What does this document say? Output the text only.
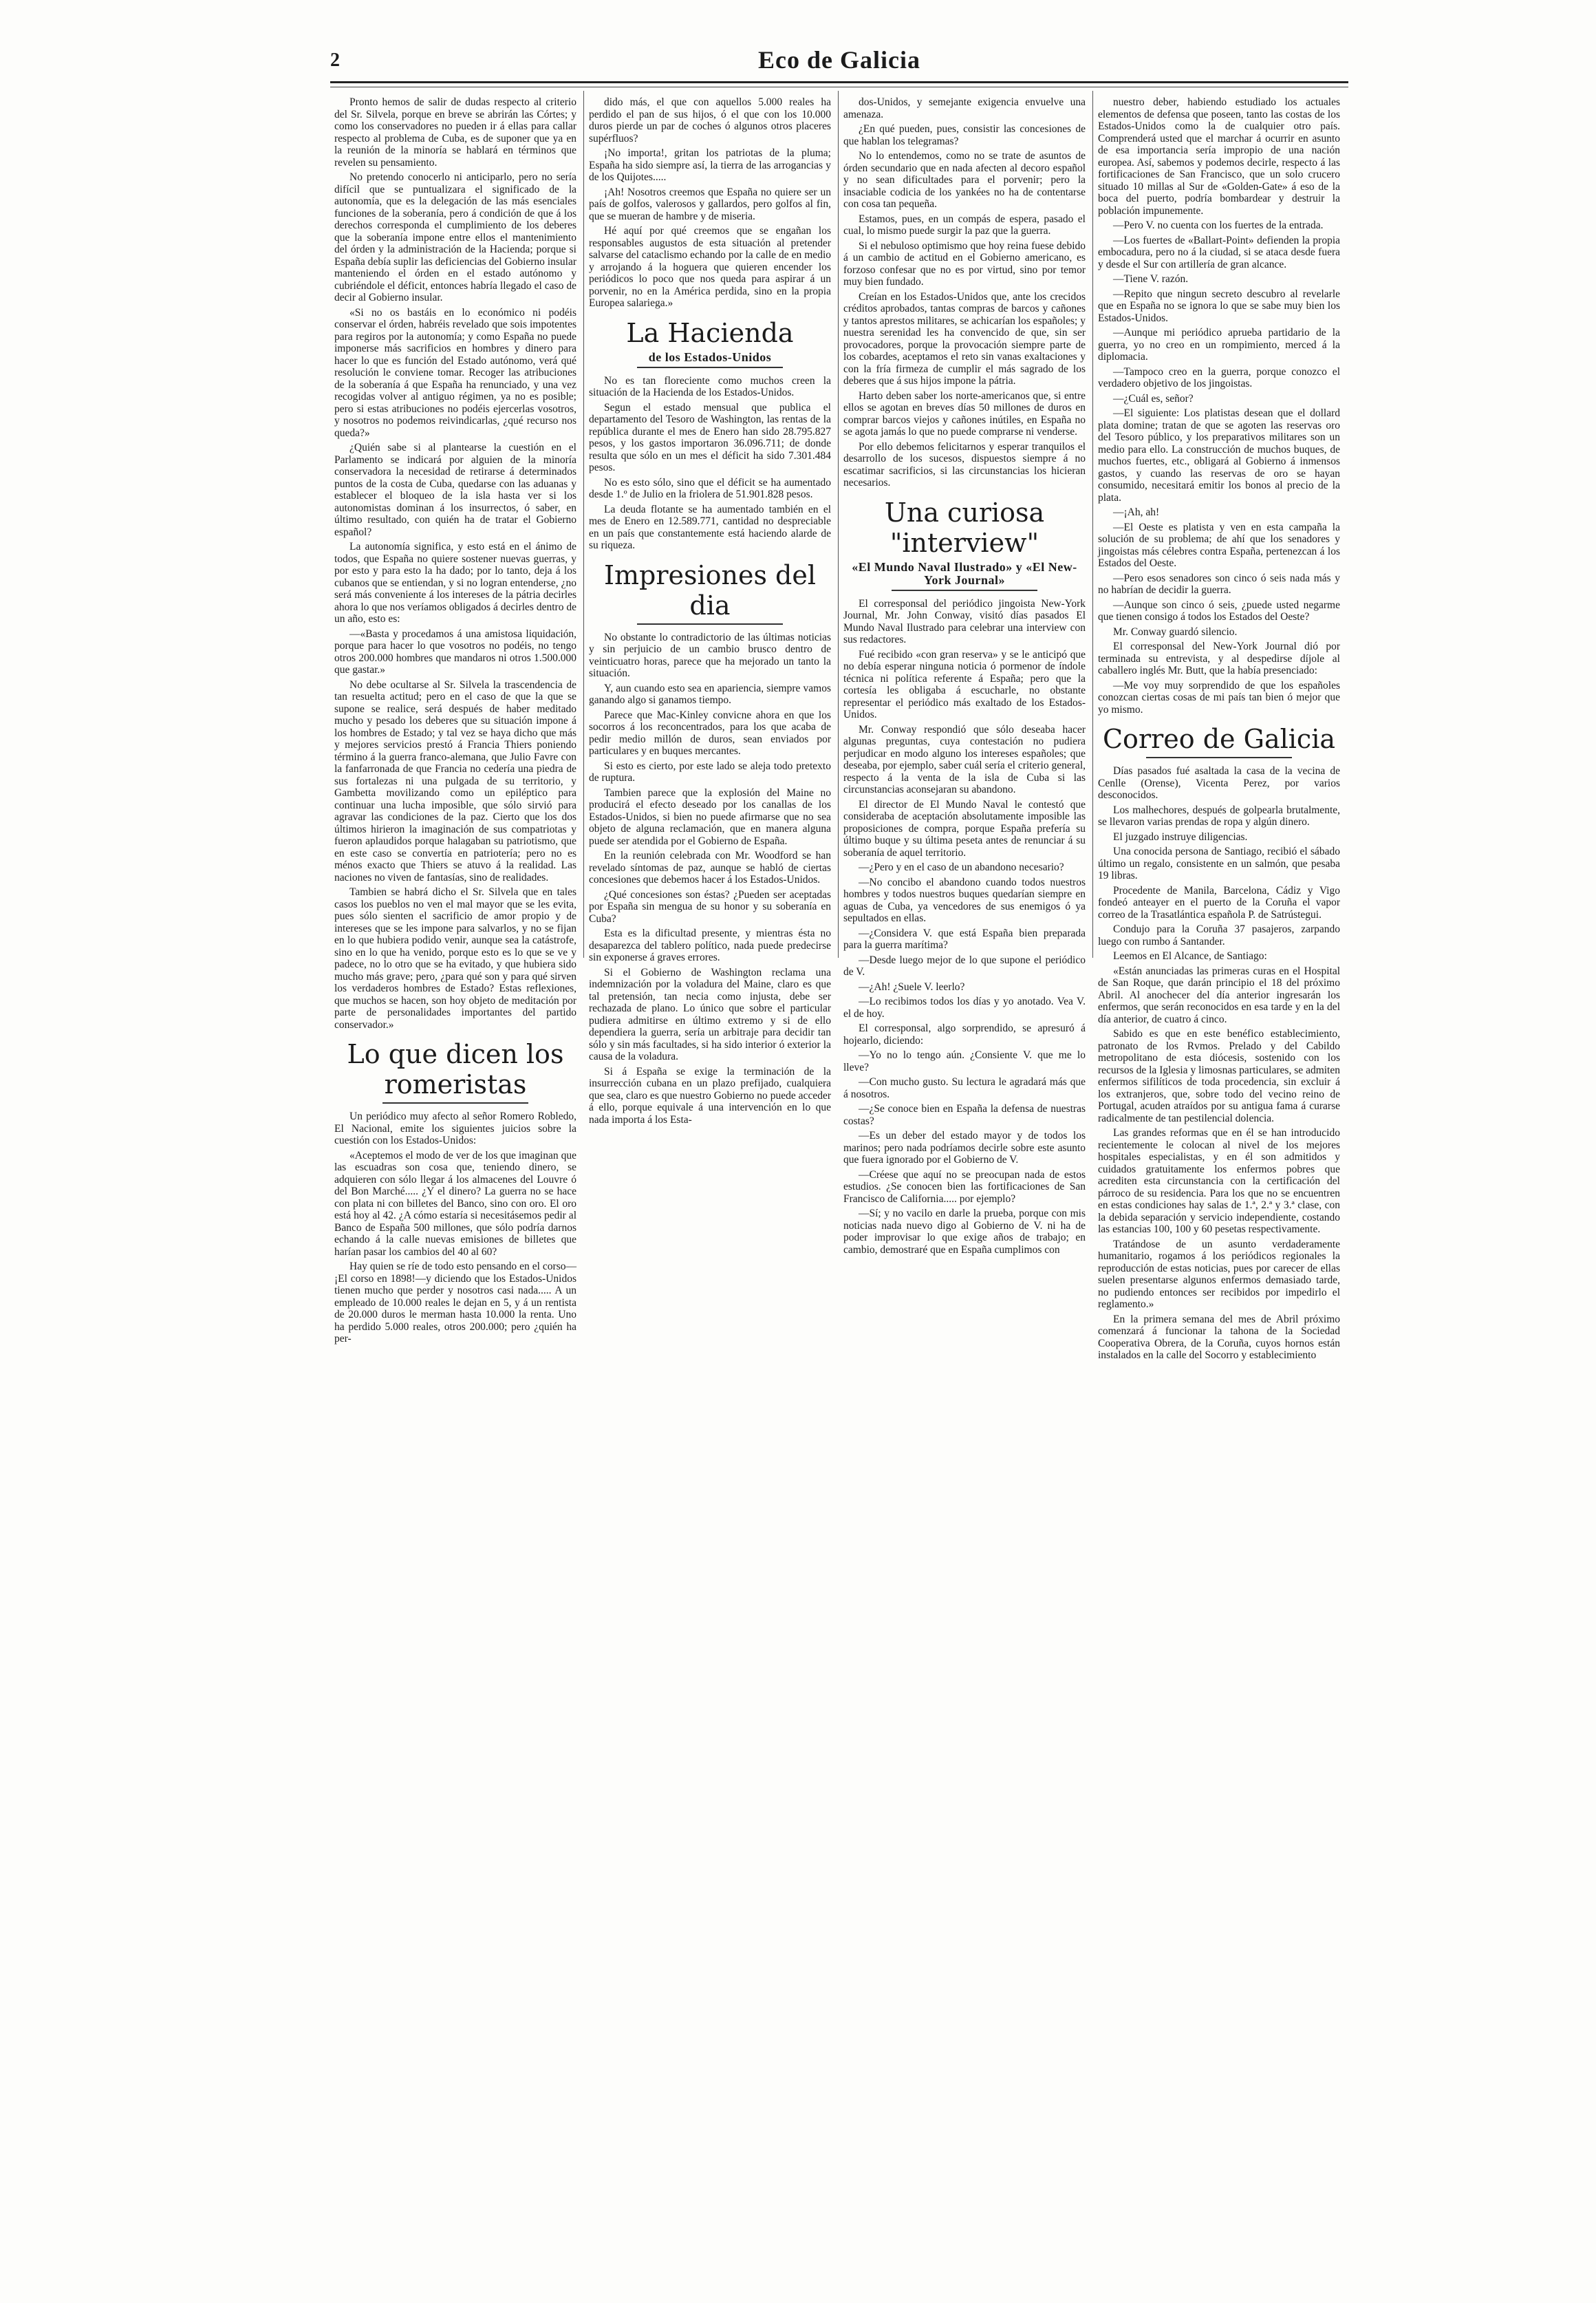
2	Eco de Galicia

Pronto hemos de salir de dudas respecto al criterio del Sr. Silvela, porque en breve se abrirán las Córtes; y como los conservadores no pueden ir á ellas para callar respecto al problema de Cuba, es de suponer que ya en la reunión de la minoría se hablará en términos que revelen su pensamiento.

No pretendo conocerlo ni anticiparlo, pero no sería difícil que se puntualizara el significado de la autonomía, que es la delegación de las más esenciales funciones de la soberanía, pero á condición de que á los derechos corresponda el cumplimiento de los deberes que la soberanía impone entre ellos el mantenimiento del órden y la administración de la Hacienda; porque si España debía suplir las deficiencias del Gobierno insular manteniendo el órden en el estado autónomo y cubriéndole el déficit, entonces habría llegado el caso de decir al Gobierno insular.

«Si no os bastáis en lo económico ni podéis conservar el órden, habréis revelado que sois impotentes para regiros por la autonomía; y como España no puede imponerse más sacrificios en hombres y dinero para hacer lo que es función del Estado autónomo, verá qué resolución le conviene tomar. Recoger las atribuciones de la soberanía á que España ha renunciado, y una vez recogidas volver al antiguo régimen, ya no es posible; pero si estas atribuciones no podéis ejercerlas vosotros, y nosotros no podemos reivindicarlas, ¿qué recurso nos queda?»

¿Quién sabe si al plantearse la cuestión en el Parlamento se indicará por alguien de la minoría conservadora la necesidad de retirarse á determinados puntos de la costa de Cuba, quedarse con las aduanas y establecer el bloqueo de la isla hasta ver si los autonomistas dominan á los insurrectos, ó saber, en último resultado, con quién ha de tratar el Gobierno español?

La autonomía significa, y esto está en el ánimo de todos, que España no quiere sostener nuevas guerras, y por esto y para esto la ha dado; por lo tanto, deja á los cubanos que se entiendan, y si no logran entenderse, ¿no será más conveniente á los intereses de la pátria decirles ahora lo que nos veríamos obligados á decirles dentro de un año, esto es:

—«Basta y procedamos á una amistosa liquidación, porque para hacer lo que vosotros no podéis, no tengo otros 200.000 hombres que mandaros ni otros 1.500.000 que gastar.»

No debe ocultarse al Sr. Silvela la trascendencia de tan resuelta actitud; pero en el caso de que la que se supone se realice, será después de haber meditado mucho y pesado los deberes que su situación impone á los hombres de Estado; y tal vez se haya dicho que más y mejores servicios prestó á Francia Thiers poniendo término á la guerra franco-alemana, que Julio Favre con la fanfarronada de que Francia no cedería una piedra de sus fortalezas ni una pulgada de su territorio, y Gambetta movilizando como un epiléptico para continuar una lucha imposible, que sólo sirvió para agravar las condiciones de la paz. Cierto que los dos últimos hirieron la imaginación de sus compatriotas y fueron aplaudidos porque halagaban su patriotismo, que en este caso se convertía en patriotería; pero no es ménos exacto que Thiers se atuvo á la realidad. Las naciones no viven de fantasías, sino de realidades.

Tambien se habrá dicho el Sr. Silvela que en tales casos los pueblos no ven el mal mayor que se les evita, pues sólo sienten el sacrificio de amor propio y de intereses que se les impone para salvarlos, y no se fijan en lo que hubiera podido venir, aunque sea la catástrofe, sino en lo que ha venido, porque esto es lo que se ve y padece, no lo otro que se ha evitado, y que hubiera sido mucho más grave; pero, ¿para qué son y para qué sirven los verdaderos hombres de Estado? Estas reflexiones, que muchos se hacen, son hoy objeto de meditación por parte de personalidades importantes del partido conservador.»

Lo que dicen los romeristas

Un periódico muy afecto al señor Romero Robledo, El Nacional, emite los siguientes juicios sobre la cuestión con los Estados-Unidos:

«Aceptemos el modo de ver de los que imaginan que las escuadras son cosa que, teniendo dinero, se adquieren con sólo llegar á los almacenes del Louvre ó del Bon Marché..... ¿Y el dinero? La guerra no se hace con plata ni con billetes del Banco, sino con oro. El oro está hoy al 42. ¿A cómo estaría si necesitásemos pedir al Banco de España 500 millones, que sólo podría darnos echando á la calle nuevas emisiones de billetes que harían pasar los cambios del 40 al 60?

Hay quien se ríe de todo esto pensando en el corso—¡El corso en 1898!—y diciendo que los Estados-Unidos tienen mucho que perder y nosotros casi nada..... A un empleado de 10.000 reales le dejan en 5, y á un rentista de 20.000 duros le merman hasta 10.000 la renta. Uno ha perdido 5.000 reales, otros 200.000; pero ¿quién ha per-

dido más, el que con aquellos 5.000 reales ha perdido el pan de sus hijos, ó el que con los 10.000 duros pierde un par de coches ó algunos otros placeres supérfluos?

¡No importa!, gritan los patriotas de la pluma; España ha sido siempre así, la tierra de las arrogancias y de los Quijotes.....

¡Ah! Nosotros creemos que España no quiere ser un país de golfos, valerosos y gallardos, pero golfos al fin, que se mueran de hambre y de miseria.

Hé aquí por qué creemos que se engañan los responsables augustos de esta situación al pretender salvarse del cataclismo echando por la calle de en medio y arrojando á la hoguera que quieren encender los periódicos lo poco que nos queda para aspirar á un porvenir, no en la América perdida, sino en la propia Europea salariega.»

La Hacienda
de los Estados-Unidos

No es tan floreciente como muchos creen la situación de la Hacienda de los Estados-Unidos.

Segun el estado mensual que publica el departamento del Tesoro de Washington, las rentas de la república durante el mes de Enero han sido 28.795.827 pesos, y los gastos importaron 36.096.711; de donde resulta que sólo en un mes el déficit ha sido 7.301.484 pesos.

No es esto sólo, sino que el déficit se ha aumentado desde 1.º de Julio en la friolera de 51.901.828 pesos.

La deuda flotante se ha aumentado también en el mes de Enero en 12.589.771, cantidad no despreciable en un país que constantemente está haciendo alarde de su riqueza.

Impresiones del dia

No obstante lo contradictorio de las últimas noticias y sin perjuicio de un cambio brusco dentro de veinticuatro horas, parece que ha mejorado un tanto la situación.

Y, aun cuando esto sea en apariencia, siempre vamos ganando algo si ganamos tiempo.

Parece que Mac-Kinley convicne ahora en que los socorros á los reconcentrados, para los que acaba de pedir medio millón de duros, sean enviados por particulares y en buques mercantes.

Si esto es cierto, por este lado se aleja todo pretexto de ruptura.

Tambien parece que la explosión del Maine no producirá el efecto deseado por los canallas de los Estados-Unidos, si bien no puede afirmarse que no sea objeto de alguna reclamación, que en manera alguna puede ser atendida por el Gobierno de España.

En la reunión celebrada con Mr. Woodford se han revelado síntomas de paz, aunque se habló de ciertas concesiones que debemos hacer á los Estados-Unidos.

¿Qué concesiones son éstas? ¿Pueden ser aceptadas por España sin mengua de su honor y su soberanía en Cuba?

Esta es la dificultad presente, y mientras ésta no desaparezca del tablero político, nada puede predecirse sin exponerse á graves errores.

Si el Gobierno de Washington reclama una indemnización por la voladura del Maine, claro es que tal pretensión, tan necia como injusta, debe ser rechazada de plano. Lo único que sobre el particular pudiera admitirse en último extremo y si de ello dependiera la guerra, sería un arbitraje para decidir tan sólo y sin más facultades, si ha sido interior ó exterior la causa de la voladura.

Si á España se exige la terminación de la insurrección cubana en un plazo prefijado, cualquiera que sea, claro es que nuestro Gobierno no puede acceder á ello, porque equivale á una intervención en lo que nada importa á los Esta-

dos-Unidos, y semejante exigencia envuelve una amenaza.

¿En qué pueden, pues, consistir las concesiones de que hablan los telegramas?

No lo entendemos, como no se trate de asuntos de órden secundario que en nada afecten al decoro español y no sean dificultades para el porvenir; pero la insaciable codicia de los yankées no ha de contentarse con cosa tan pequeña.

Estamos, pues, en un compás de espera, pasado el cual, lo mismo puede surgir la paz que la guerra.

Si el nebuloso optimismo que hoy reina fuese debido á un cambio de actitud en el Gobierno americano, es forzoso confesar que no es por virtud, sino por temor muy bien fundado.

Creían en los Estados-Unidos que, ante los crecidos créditos aprobados, tantas compras de barcos y cañones y tantos aprestos militares, se achicarían los españoles; y nuestra serenidad les ha convencido de que, sin ser provocadores, porque la provocación siempre parte de los cobardes, aceptamos el reto sin vanas exaltaciones y con la fría firmeza de cumplir el más sagrado de los deberes que á sus hijos impone la pátria.

Harto deben saber los norte-americanos que, si entre ellos se agotan en breves días 50 millones de duros en comprar barcos viejos y cañones inútiles, en España no se agota jamás lo que no puede comprarse ni venderse.

Por ello debemos felicitarnos y esperar tranquilos el desarrollo de los sucesos, dispuestos siempre á no escatimar sacrificios, si las circunstancias los hicieran necesarios.

Una curiosa "interview"
«El Mundo Naval Ilustrado» y «El New-York Journal»

El corresponsal del periódico jingoista New-York Journal, Mr. John Conway, visitó días pasados El Mundo Naval Ilustrado para celebrar una interview con sus redactores.

Fué recibido «con gran reserva» y se le anticipó que no debía esperar ninguna noticia ó pormenor de índole técnica ni política referente á España; pero que la cortesía les obligaba á escucharle, no obstante representar el periódico más exaltado de los Estados-Unidos.

Mr. Conway respondió que sólo deseaba hacer algunas preguntas, cuya contestación no pudiera perjudicar en modo alguno los intereses españoles; que deseaba, por ejemplo, saber cuál sería el criterio general, respecto á la venta de la isla de Cuba si las circunstancias aconsejaran su abandono.

El director de El Mundo Naval le contestó que consideraba de aceptación absolutamente imposible las proposiciones de compra, porque España prefería su último buque y su última peseta antes de renunciar á su soberanía de aquel territorio.

—¿Pero y en el caso de un abandono necesario?

—No concibo el abandono cuando todos nuestros hombres y todos nuestros buques quedarían siempre en aguas de Cuba, ya vencedores de sus enemigos ó ya sepultados en ellas.

—¿Considera V. que está España bien preparada para la guerra marítima?

—Desde luego mejor de lo que supone el periódico de V.

—¿Ah! ¿Suele V. leerlo?

—Lo recibimos todos los días y yo anotado. Vea V. el de hoy.

El corresponsal, algo sorprendido, se apresuró á hojearlo, diciendo:

—Yo no lo tengo aún. ¿Consiente V. que me lo lleve?

—Con mucho gusto. Su lectura le agradará más que á nosotros.

—¿Se conoce bien en España la defensa de nuestras costas?

—Es un deber del estado mayor y de todos los marinos; pero nada podríamos decirle sobre este asunto que fuera ignorado por el Gobierno de V.

—Créese que aquí no se preocupan nada de estos estudios. ¿Se conocen bien las fortificaciones de San Francisco de California..... por ejemplo?

—Sí; y no vacilo en darle la prueba, porque con mis noticias nada nuevo digo al Gobierno de V. ni ha de poder improvisar lo que exige años de trabajo; en cambio, demostraré que en España cumplimos con

nuestro deber, habiendo estudiado los actuales elementos de defensa que poseen, tanto las costas de los Estados-Unidos como la de cualquier otro país. Comprenderá usted que el marchar á ocurrir en asunto de esa importancia sería impropio de una nación europea. Así, sabemos y podemos decirle, respecto á las fortificaciones de San Francisco, que un solo crucero situado 10 millas al Sur de «Golden-Gate» á eso de la boca del puerto, podría bombardear y destruir la población impunemente.

—Pero V. no cuenta con los fuertes de la entrada.

—Los fuertes de «Ballart-Point» defienden la propia embocadura, pero no á la ciudad, si se ataca desde fuera y desde el Sur con artillería de gran alcance.

—Tiene V. razón.

—Repito que ningun secreto descubro al revelarle que en España no se ignora lo que se sabe muy bien los Estados-Unidos.

—Aunque mi periódico aprueba partidario de la guerra, yo no creo en un rompimiento, merced á la diplomacia.

—Tampoco creo en la guerra, porque conozco el verdadero objetivo de los jingoistas.

—¿Cuál es, señor?

—El siguiente: Los platistas desean que el dollard plata domine; tratan de que se agoten las reservas oro del Tesoro público, y los preparativos militares son un medio para ello. La construcción de muchos buques, de muchos fuertes, etc., obligará al Gobierno á inmensos gastos, y cuando las reservas de oro se hayan consumido, necesitará emitir los bonos al precio de la plata.

—¡Ah, ah!

—El Oeste es platista y ven en esta campaña la solución de su problema; de ahí que los senadores y jingoistas más célebres contra España, pertenezcan á los Estados del Oeste.

—Pero esos senadores son cinco ó seis nada más y no habrían de decidir la guerra.

—Aunque son cinco ó seis, ¿puede usted negarme que tienen consigo á todos los Estados del Oeste?

Mr. Conway guardó silencio.

El corresponsal del New-York Journal dió por terminada su entrevista, y al despedirse díjole al caballero inglés Mr. Butt, que la había presenciado:

—Me voy muy sorprendido de que los españoles conozcan ciertas cosas de mi país tan bien ó mejor que yo mismo.

Correo de Galicia

Días pasados fué asaltada la casa de la vecina de Cenlle (Orense), Vicenta Perez, por varios desconocidos.

Los malhechores, después de golpearla brutalmente, se llevaron varias prendas de ropa y algún dinero.

El juzgado instruye diligencias.

Una conocida persona de Santiago, recibió el sábado último un regalo, consistente en un salmón, que pesaba 19 libras.

Procedente de Manila, Barcelona, Cádiz y Vigo fondeó anteayer en el puerto de la Coruña el vapor correo de la Trasatlántica española P. de Satrústegui.

Condujo para la Coruña 37 pasajeros, zarpando luego con rumbo á Santander.

Leemos en El Alcance, de Santiago:

«Están anunciadas las primeras curas en el Hospital de San Roque, que darán principio el 18 del próximo Abril. Al anochecer del día anterior ingresarán los enfermos, que serán reconocidos en esa tarde y en la del día anterior, de cuatro á cinco.

Sabido es que en este benéfico establecimiento, patronato de los Rvmos. Prelado y del Cabildo metropolitano de esta diócesis, sostenido con los recursos de la Iglesia y limosnas particulares, se admiten enfermos sifilíticos de toda procedencia, sin excluir á los extranjeros, que, sobre todo del vecino reino de Portugal, acuden atraídos por su antigua fama á curarse radicalmente de tan pestilencial dolencia.

Las grandes reformas que en él se han introducido recientemente le colocan al nivel de los mejores hospitales especialistas, y en él son admitidos y cuidados gratuitamente los enfermos pobres que acrediten esta circunstancia con la certificación del párroco de su residencia. Para los que no se encuentren en estas condiciones hay salas de 1.ª, 2.ª y 3.ª clase, con la debida separación y servicio independiente, costando las estancias 100, 100 y 60 pesetas respectivamente.

Tratándose de un asunto verdaderamente humanitario, rogamos á los periódicos regionales la reproducción de estas noticias, pues por carecer de ellas suelen presentarse algunos enfermos demasiado tarde, no pudiendo entonces ser recibidos por impedirlo el reglamento.»

En la primera semana del mes de Abril próximo comenzará á funcionar la tahona de la Sociedad Cooperativa Obrera, de la Coruña, cuyos hornos están instalados en la calle del Socorro y establecimiento
